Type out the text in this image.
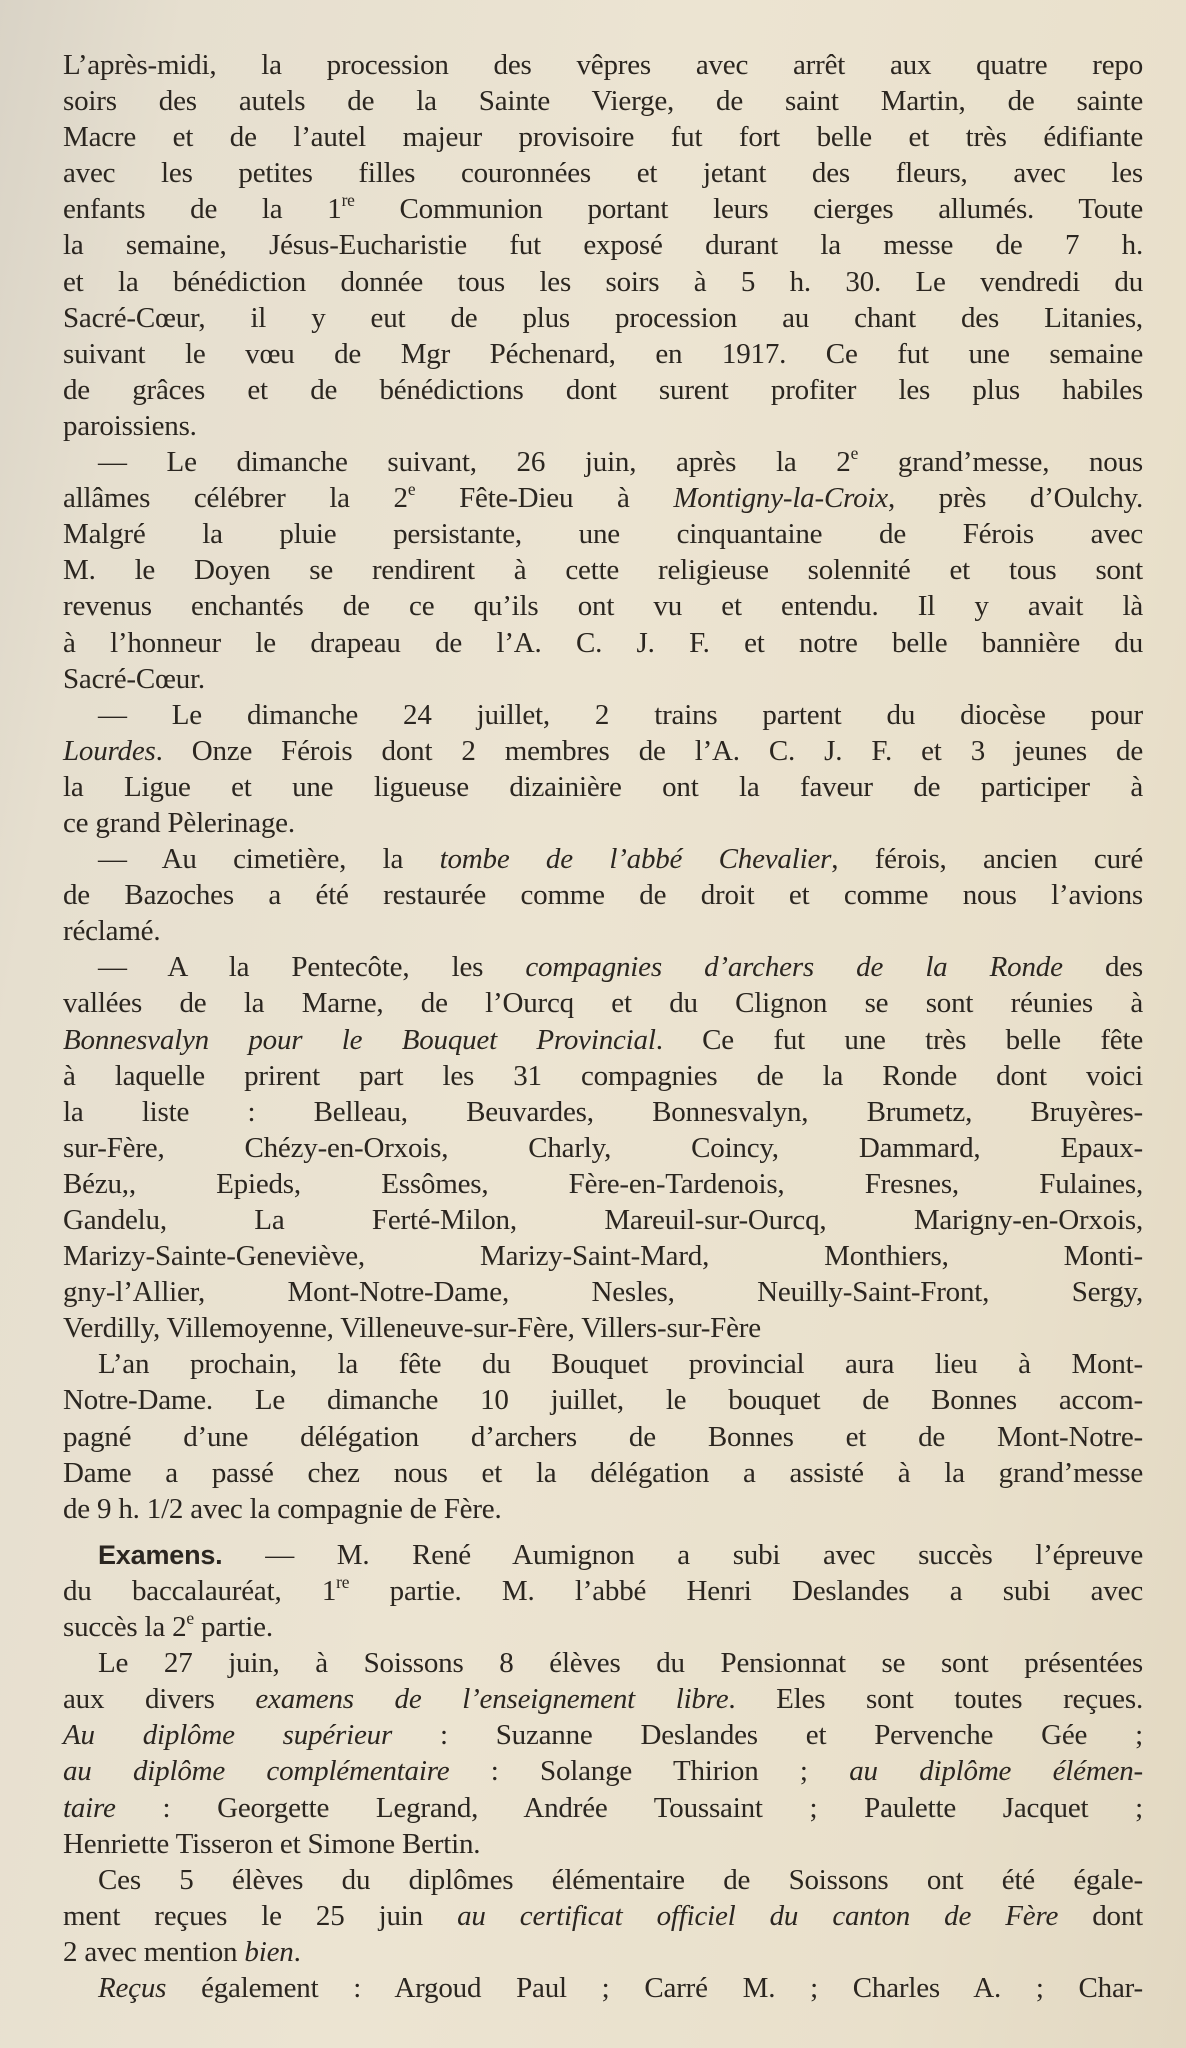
L’après-midi, la procession des vêpres avec arrêt aux quatre repo
soirs des autels de la Sainte Vierge, de saint Martin, de sainte
Macre et de l’autel majeur provisoire fut fort belle et très édifiante
avec les petites filles couronnées et jetant des fleurs, avec les
enfants de la 1re Communion portant leurs cierges allumés. Toute
la semaine, Jésus-Eucharistie fut exposé durant la messe de 7 h.
et la bénédiction donnée tous les soirs à 5 h. 30. Le vendredi du
Sacré-Cœur, il y eut de plus procession au chant des Litanies,
suivant le vœu de Mgr Péchenard, en 1917. Ce fut une semaine
de grâces et de bénédictions dont surent profiter les plus habiles
paroissiens.
— Le dimanche suivant, 26 juin, après la 2e grand’messe, nous
allâmes célébrer la 2e Fête-Dieu à Montigny-la-Croix, près d’Oulchy.
Malgré la pluie persistante, une cinquantaine de Férois avec
M. le Doyen se rendirent à cette religieuse solennité et tous sont
revenus enchantés de ce qu’ils ont vu et entendu. Il y avait là
à l’honneur le drapeau de l’A. C. J. F. et notre belle bannière du
Sacré-Cœur.
— Le dimanche 24 juillet, 2 trains partent du diocèse pour
Lourdes. Onze Férois dont 2 membres de l’A. C. J. F. et 3 jeunes de
la Ligue et une ligueuse dizainière ont la faveur de participer à
ce grand Pèlerinage.
— Au cimetière, la tombe de l’abbé Chevalier, férois, ancien curé
de Bazoches a été restaurée comme de droit et comme nous l’avions
réclamé.
— A la Pentecôte, les compagnies d’archers de la Ronde des
vallées de la Marne, de l’Ourcq et du Clignon se sont réunies à
Bonnesvalyn pour le Bouquet Provincial. Ce fut une très belle fête
à laquelle prirent part les 31 compagnies de la Ronde dont voici
la liste : Belleau, Beuvardes, Bonnesvalyn, Brumetz, Bruyères-
sur-Fère, Chézy-en-Orxois, Charly, Coincy, Dammard, Epaux-
Bézu,, Epieds, Essômes, Fère-en-Tardenois, Fresnes, Fulaines,
Gandelu, La Ferté-Milon, Mareuil-sur-Ourcq, Marigny-en-Orxois,
Marizy-Sainte-Geneviève, Marizy-Saint-Mard, Monthiers, Monti-
gny-l’Allier, Mont-Notre-Dame, Nesles, Neuilly-Saint-Front, Sergy,
Verdilly, Villemoyenne, Villeneuve-sur-Fère, Villers-sur-Fère
L’an prochain, la fête du Bouquet provincial aura lieu à Mont-
Notre-Dame. Le dimanche 10 juillet, le bouquet de Bonnes accom-
pagné d’une délégation d’archers de Bonnes et de Mont-Notre-
Dame a passé chez nous et la délégation a assisté à la grand’messe
de 9 h. 1/2 avec la compagnie de Fère.
Examens. — M. René Aumignon a subi avec succès l’épreuve
du baccalauréat, 1re partie. M. l’abbé Henri Deslandes a subi avec
succès la 2e partie.
Le 27 juin, à Soissons 8 élèves du Pensionnat se sont présentées
aux divers examens de l’enseignement libre. Eles sont toutes reçues.
Au diplôme supérieur : Suzanne Deslandes et Pervenche Gée ;
au diplôme complémentaire : Solange Thirion ; au diplôme élémen-
taire : Georgette Legrand, Andrée Toussaint ; Paulette Jacquet ;
Henriette Tisseron et Simone Bertin.
Ces 5 élèves du diplômes élémentaire de Soissons ont été égale-
ment reçues le 25 juin au certificat officiel du canton de Fère dont
2 avec mention bien.
Reçus également : Argoud Paul ; Carré M. ; Charles A. ; Char-
